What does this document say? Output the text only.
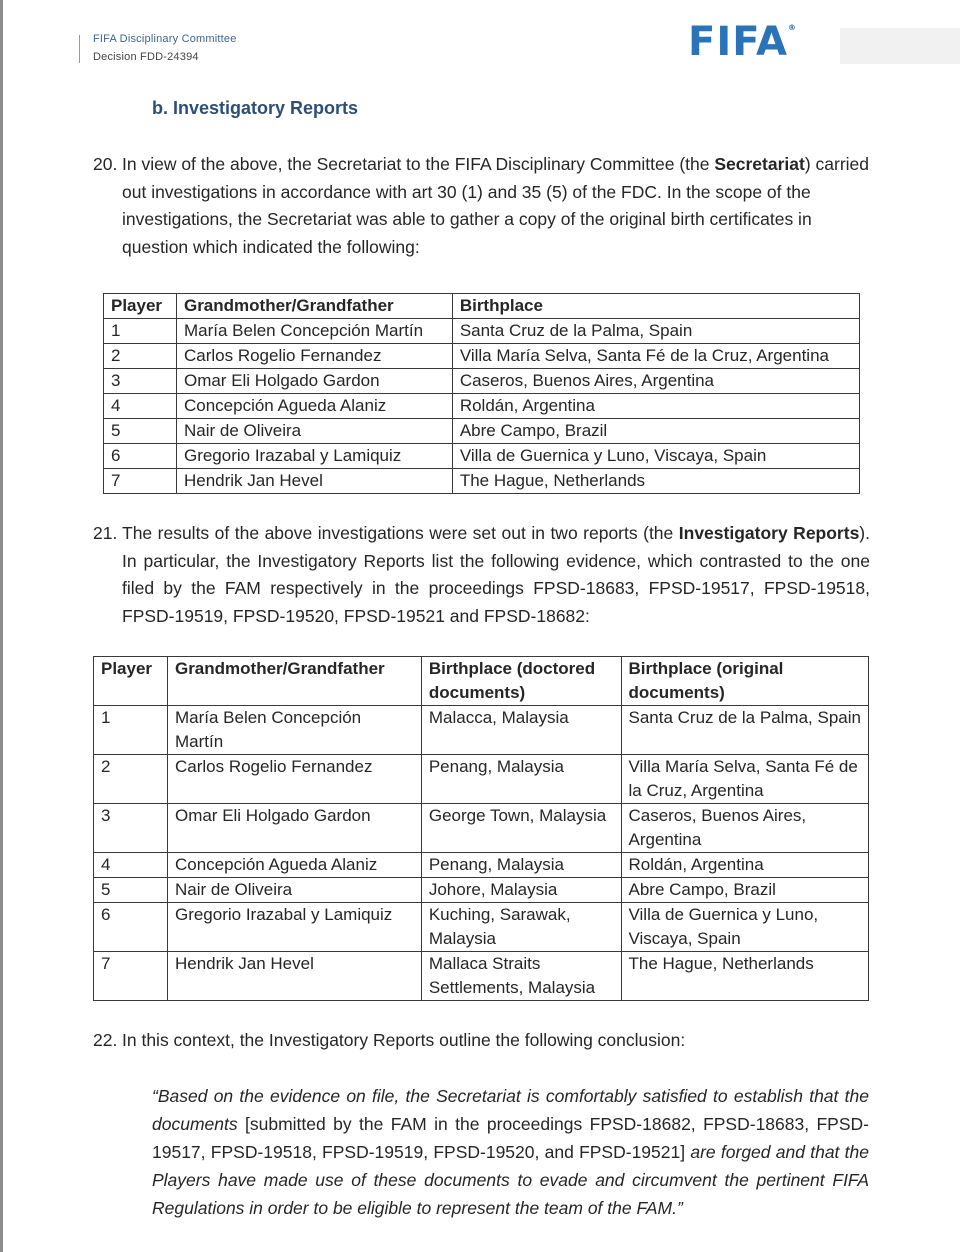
FIFA Disciplinary Committee
Decision FDD-24394	FIFA®
b. Investigatory Reports
20. In view of the above, the Secretariat to the FIFA Disciplinary Committee (the Secretariat) carried out investigations in accordance with art 30 (1) and 35 (5) of the FDC. In the scope of the investigations, the Secretariat was able to gather a copy of the original birth certificates in question which indicated the following:
Player	Grandmother/Grandfather	Birthplace
1	María Belen Concepción Martín	Santa Cruz de la Palma, Spain
2	Carlos Rogelio Fernandez	Villa María Selva, Santa Fé de la Cruz, Argentina
3	Omar Eli Holgado Gardon	Caseros, Buenos Aires, Argentina
4	Concepción Agueda Alaniz	Roldán, Argentina
5	Nair de Oliveira	Abre Campo, Brazil
6	Gregorio Irazabal y Lamiquiz	Villa de Guernica y Luno, Viscaya, Spain
7	Hendrik Jan Hevel	The Hague, Netherlands
21. The results of the above investigations were set out in two reports (the Investigatory Reports). In particular, the Investigatory Reports list the following evidence, which contrasted to the one filed by the FAM respectively in the proceedings FPSD-18683, FPSD-19517, FPSD-19518, FPSD-19519, FPSD-19520, FPSD-19521 and FPSD-18682:
Player	Grandmother/Grandfather	Birthplace (doctored documents)	Birthplace (original documents)
1	María Belen Concepción Martín	Malacca, Malaysia	Santa Cruz de la Palma, Spain
2	Carlos Rogelio Fernandez	Penang, Malaysia	Villa María Selva, Santa Fé de la Cruz, Argentina
3	Omar Eli Holgado Gardon	George Town, Malaysia	Caseros, Buenos Aires, Argentina
4	Concepción Agueda Alaniz	Penang, Malaysia	Roldán, Argentina
5	Nair de Oliveira	Johore, Malaysia	Abre Campo, Brazil
6	Gregorio Irazabal y Lamiquiz	Kuching, Sarawak, Malaysia	Villa de Guernica y Luno, Viscaya, Spain
7	Hendrik Jan Hevel	Mallaca Straits Settlements, Malaysia	The Hague, Netherlands
22. In this context, the Investigatory Reports outline the following conclusion:
“Based on the evidence on file, the Secretariat is comfortably satisfied to establish that the documents [submitted by the FAM in the proceedings FPSD-18682, FPSD-18683, FPSD-19517, FPSD-19518, FPSD-19519, FPSD-19520, and FPSD-19521] are forged and that the Players have made use of these documents to evade and circumvent the pertinent FIFA Regulations in order to be eligible to represent the team of the FAM.”
